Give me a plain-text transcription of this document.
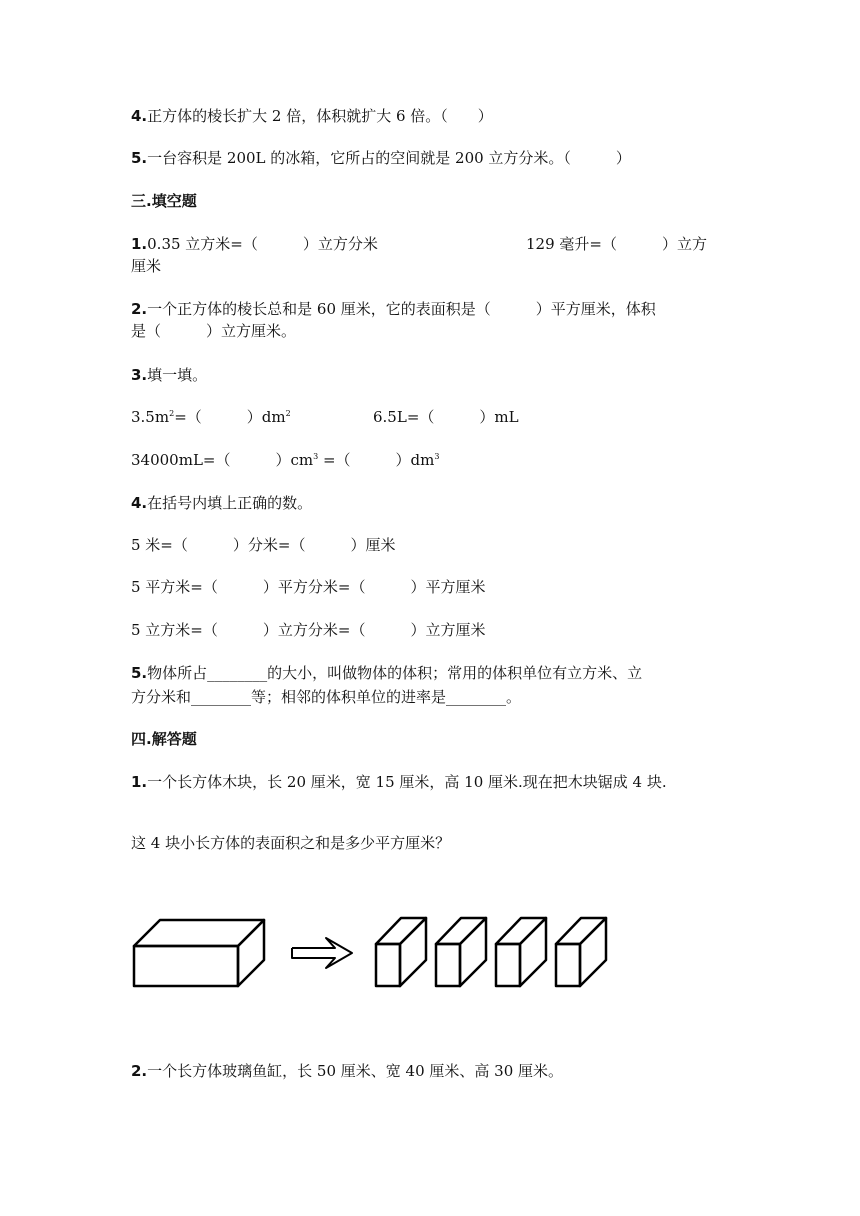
4.正方体的棱长扩大 2 倍，体积就扩大 6 倍。（　　）
5.一台容积是 200L 的冰箱，它所占的空间就是 200 立方分米。（　　　）
三.填空题
1.0.35 立方米=（　　　）立方分米	129 毫升=（　　　）立方
厘米
2.一个正方体的棱长总和是 60 厘米，它的表面积是（　　　）平方厘米，体积
是（　　　）立方厘米。
3.填一填。
$3.5m^2=$（　　　）$dm^2$	6.5L=（　　　）mL
34000mL=（　　　）$cm^3$ =（　　　）$dm^3$
4.在括号内填上正确的数。
5 米=（　　　）分米=（　　　）厘米
5 平方米=（　　　）平方分米=（　　　）平方厘米
5 立方米=（　　　）立方分米=（　　　）立方厘米
5.物体所占________的大小，叫做物体的体积；常用的体积单位有立方米、立
方分米和________等；相邻的体积单位的进率是________。
四.解答题
1.一个长方体木块，长 20 厘米，宽 15 厘米，高 10 厘米.现在把木块锯成 4 块.
这 4 块小长方体的表面积之和是多少平方厘米？
2.一个长方体玻璃鱼缸，长 50 厘米、宽 40 厘米、高 30 厘米。
